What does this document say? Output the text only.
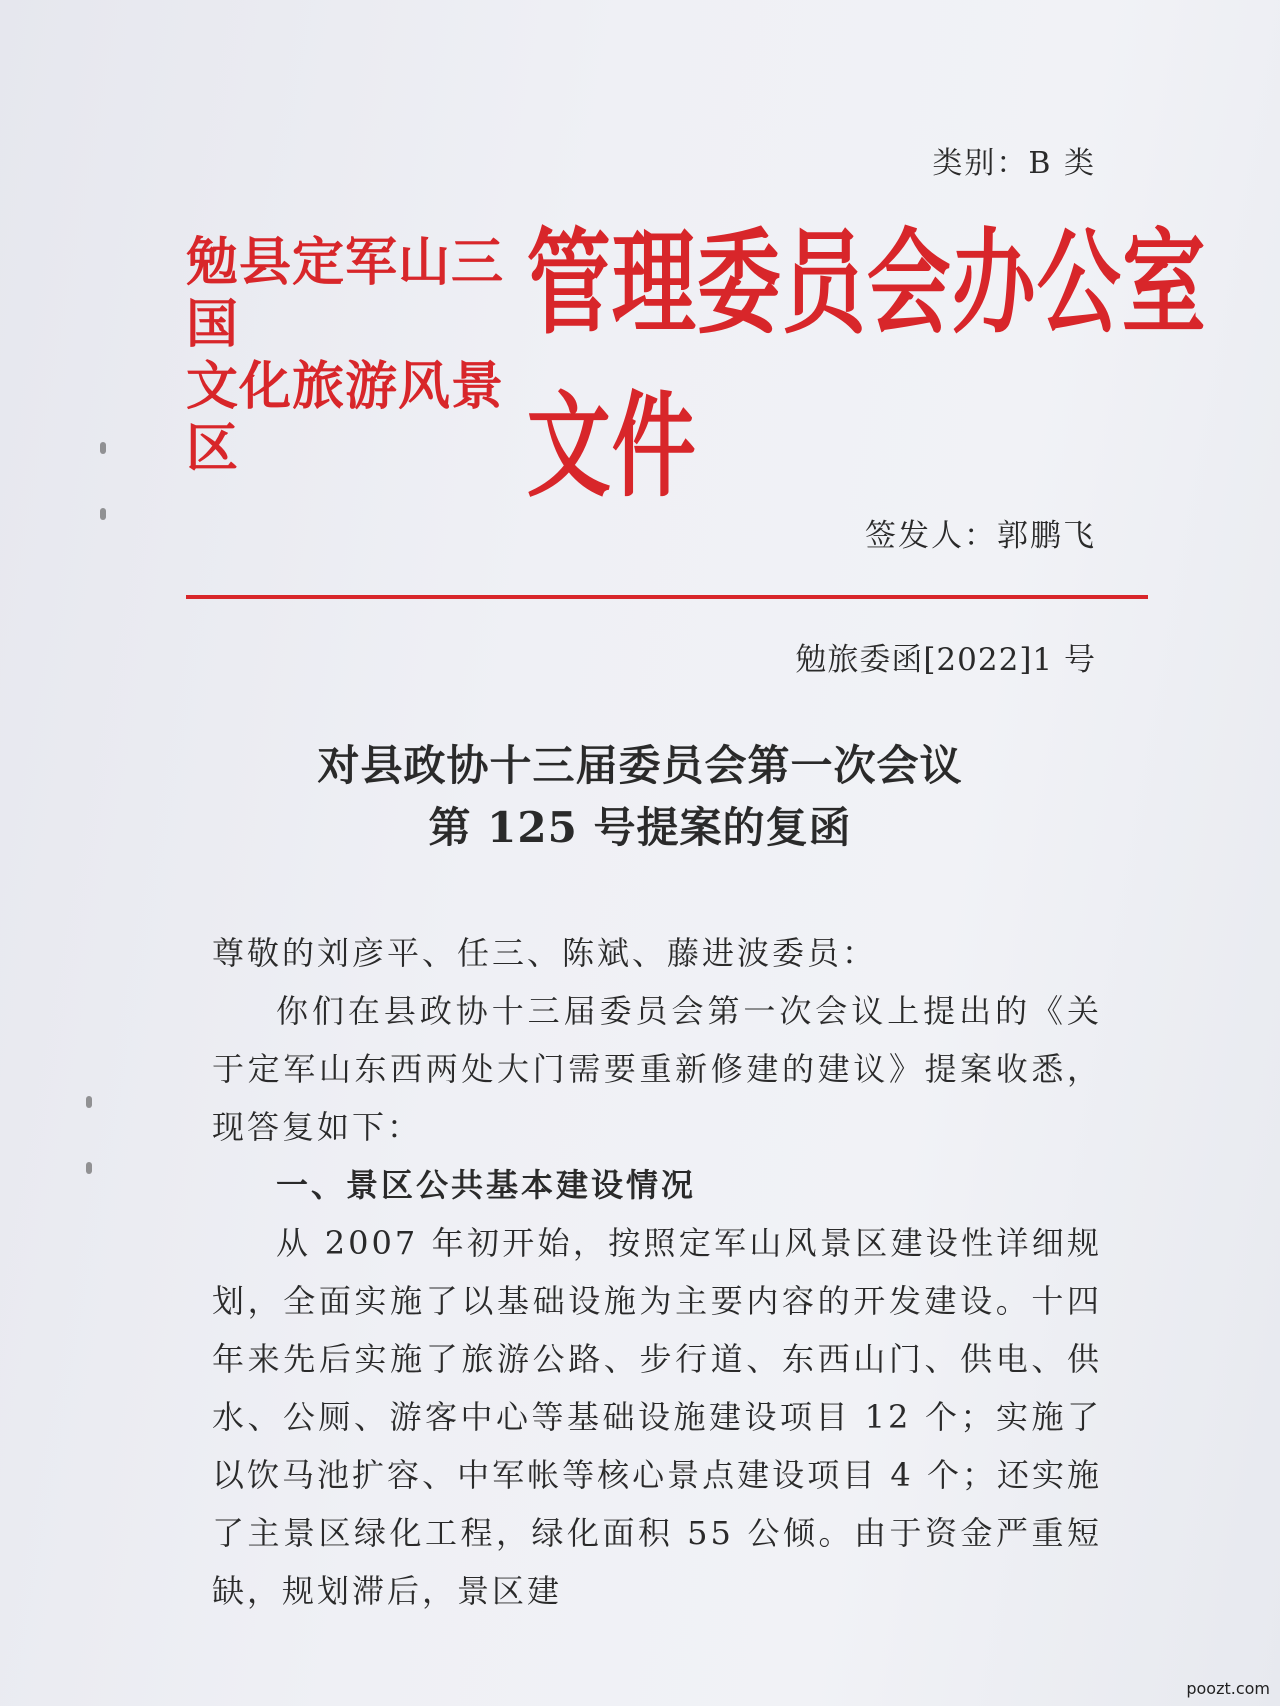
类别：B 类
勉县定军山三国
文化旅游风景区
管理委员会办公室文件
签发人：郭鹏飞
勉旅委函[2022]1 号
对县政协十三届委员会第一次会议
第 125 号提案的复函

尊敬的刘彦平、任三、陈斌、藤进波委员：

你们在县政协十三届委员会第一次会议上提出的《关于定军山东西两处大门需要重新修建的建议》提案收悉，现答复如下：

一、景区公共基本建设情况

从 2007 年初开始，按照定军山风景区建设性详细规划，全面实施了以基础设施为主要内容的开发建设。十四年来先后实施了旅游公路、步行道、东西山门、供电、供水、公厕、游客中心等基础设施建设项目 12 个；实施了以饮马池扩容、中军帐等核心景点建设项目 4 个；还实施了主景区绿化工程，绿化面积 55 公倾。由于资金严重短缺，规划滞后，景区建

poozt.com
